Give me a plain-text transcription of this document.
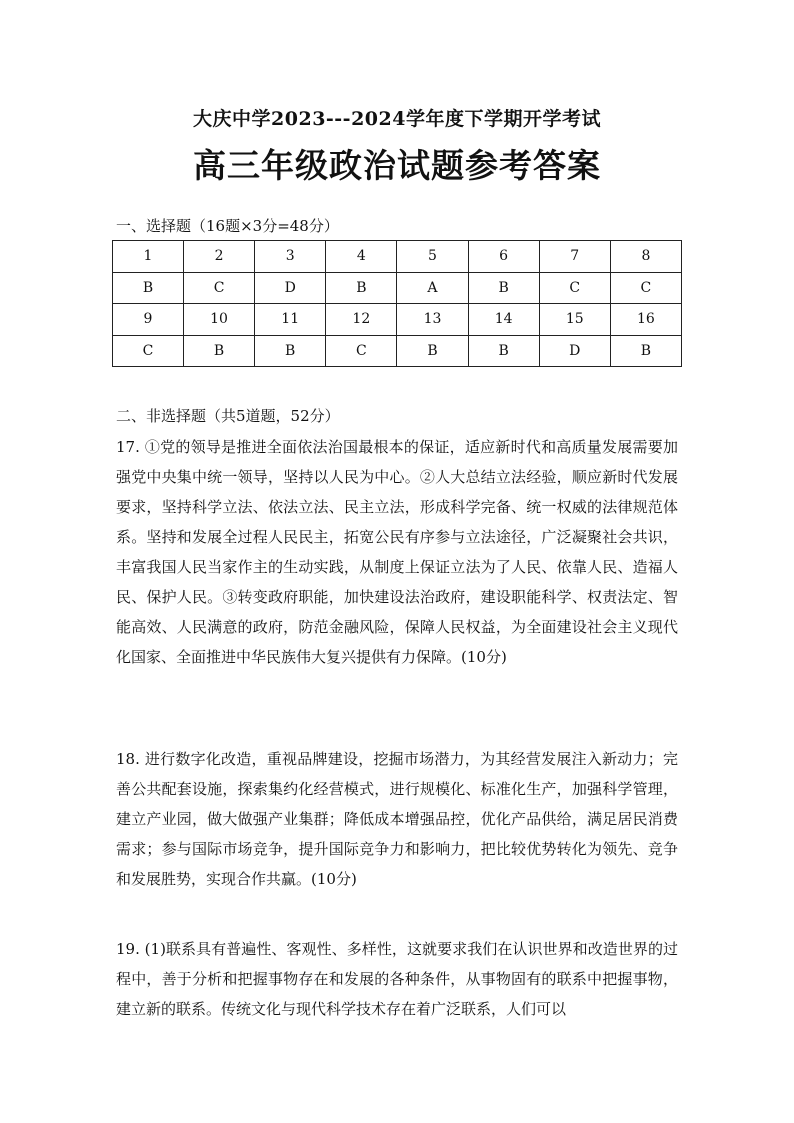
大庆中学2023---2024学年度下学期开学考试
高三年级政治试题参考答案
一、选择题（16题×3分=48分）
1	2	3	4	5	6	7	8
B	C	D	B	A	B	C	C
9	10	11	12	13	14	15	16
C	B	B	C	B	B	D	B
二、非选择题（共5道题，52分）
17. ①党的领导是推进全面依法治国最根本的保证，适应新时代和高质量发展需要加强党中央集中统一领导，坚持以人民为中心。②人大总结立法经验，顺应新时代发展要求，坚持科学立法、依法立法、民主立法，形成科学完备、统一权威的法律规范体系。坚持和发展全过程人民民主，拓宽公民有序参与立法途径，广泛凝聚社会共识，丰富我国人民当家作主的生动实践，从制度上保证立法为了人民、依靠人民、造福人民、保护人民。③转变政府职能，加快建设法治政府，建设职能科学、权责法定、智能高效、人民满意的政府，防范金融风险，保障人民权益，为全面建设社会主义现代化国家、全面推进中华民族伟大复兴提供有力保障。(10分)
18. 进行数字化改造，重视品牌建设，挖掘市场潜力，为其经营发展注入新动力；完善公共配套设施，探索集约化经营模式，进行规模化、标准化生产，加强科学管理，建立产业园，做大做强产业集群；降低成本增强品控，优化产品供给，满足居民消费需求；参与国际市场竞争，提升国际竞争力和影响力，把比较优势转化为领先、竞争和发展胜势，实现合作共赢。(10分)
19. (1)联系具有普遍性、客观性、多样性，这就要求我们在认识世界和改造世界的过程中，善于分析和把握事物存在和发展的各种条件，从事物固有的联系中把握事物，建立新的联系。传统文化与现代科学技术存在着广泛联系，人们可以
